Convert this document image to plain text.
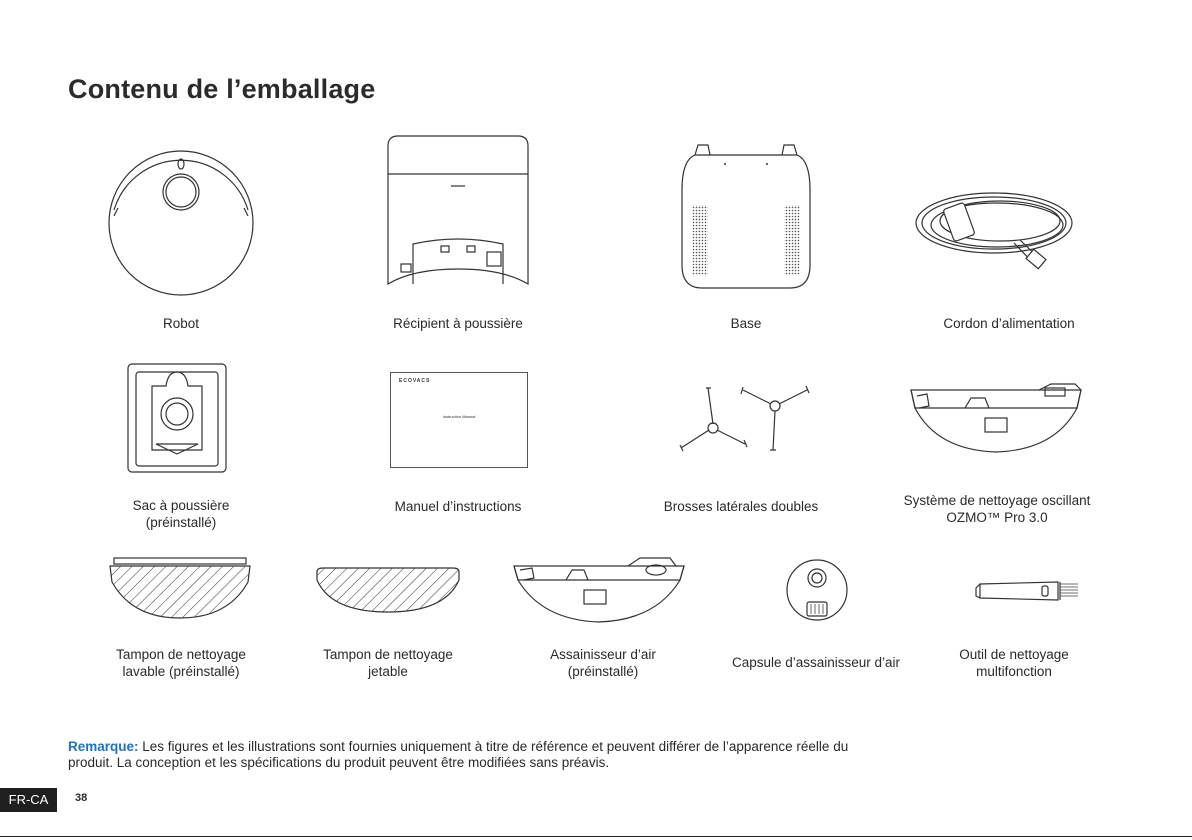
Contenu de l’emballage
Robot	Récipient à poussière	Base	Cordon d’alimentation
Sac à poussière
(préinstallé)
ECOVACS
Instruction Manual
Manuel d’instructions	Brosses latérales doubles	Système de nettoyage oscillant
OZMO™ Pro 3.0
Tampon de nettoyage
lavable (préinstallé)
Tampon de nettoyage
jetable
Assainisseur d’air
(préinstallé)
Capsule d’assainisseur d’air
Outil de nettoyage
multifonction
Remarque: Les figures et les illustrations sont fournies uniquement à titre de référence et peuvent différer de l’apparence réelle du produit. La conception et les spécifications du produit peuvent être modifiées sans préavis.
FR-CA	38
